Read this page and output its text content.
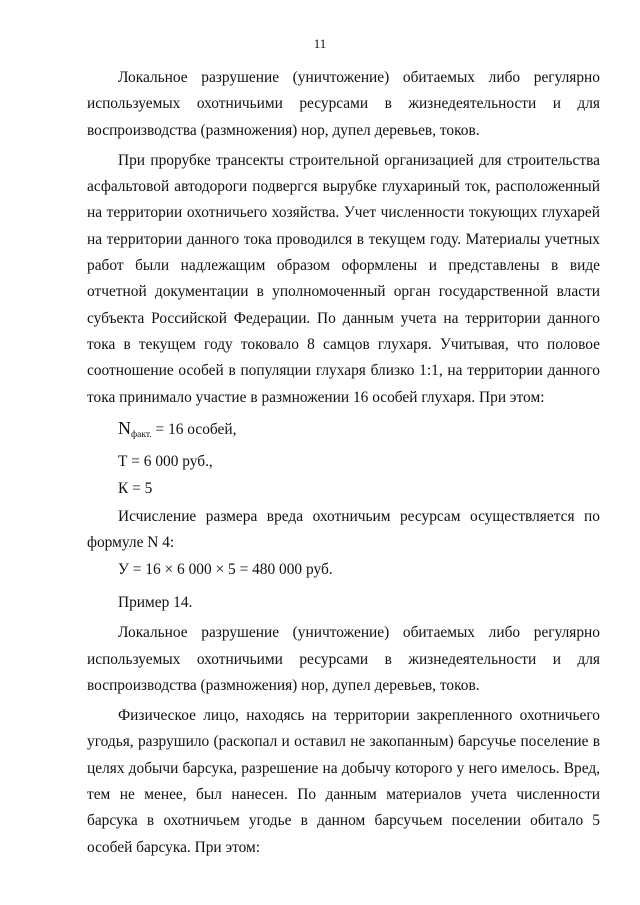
11

Локальное разрушение (уничтожение) обитаемых либо регулярно используемых охотничьими ресурсами в жизнедеятельности и для воспроизводства (размножения) нор, дупел деревьев, токов.

При прорубке трансекты строительной организацией для строительства асфальтовой автодороги подвергся вырубке глухариный ток, расположенный на территории охотничьего хозяйства. Учет численности токующих глухарей на территории данного тока проводился в текущем году. Материалы учетных работ были надлежащим образом оформлены и представлены в виде отчетной документации в уполномоченный орган государственной власти субъекта Российской Федерации. По данным учета на территории данного тока в текущем году токовало 8 самцов глухаря. Учитывая, что половое соотношение особей в популяции глухаря близко 1:1, на территории данного тока принимало участие в размножении 16 особей глухаря. При этом:

$N_{факт.} = 16$ особей,

Т = 6 000 руб.,

К = 5

Исчисление размера вреда охотничьим ресурсам осуществляется по формуле N 4:

У = 16 × 6 000 × 5 = 480 000 руб.

Пример 14.

Локальное разрушение (уничтожение) обитаемых либо регулярно используемых охотничьими ресурсами в жизнедеятельности и для воспроизводства (размножения) нор, дупел деревьев, токов.

Физическое лицо, находясь на территории закрепленного охотничьего угодья, разрушило (раскопал и оставил не закопанным) барсучье поселение в целях добычи барсука, разрешение на добычу которого у него имелось. Вред, тем не менее, был нанесен. По данным материалов учета численности барсука в охотничьем угодье в данном барсучьем поселении обитало 5 особей барсука. При этом:
